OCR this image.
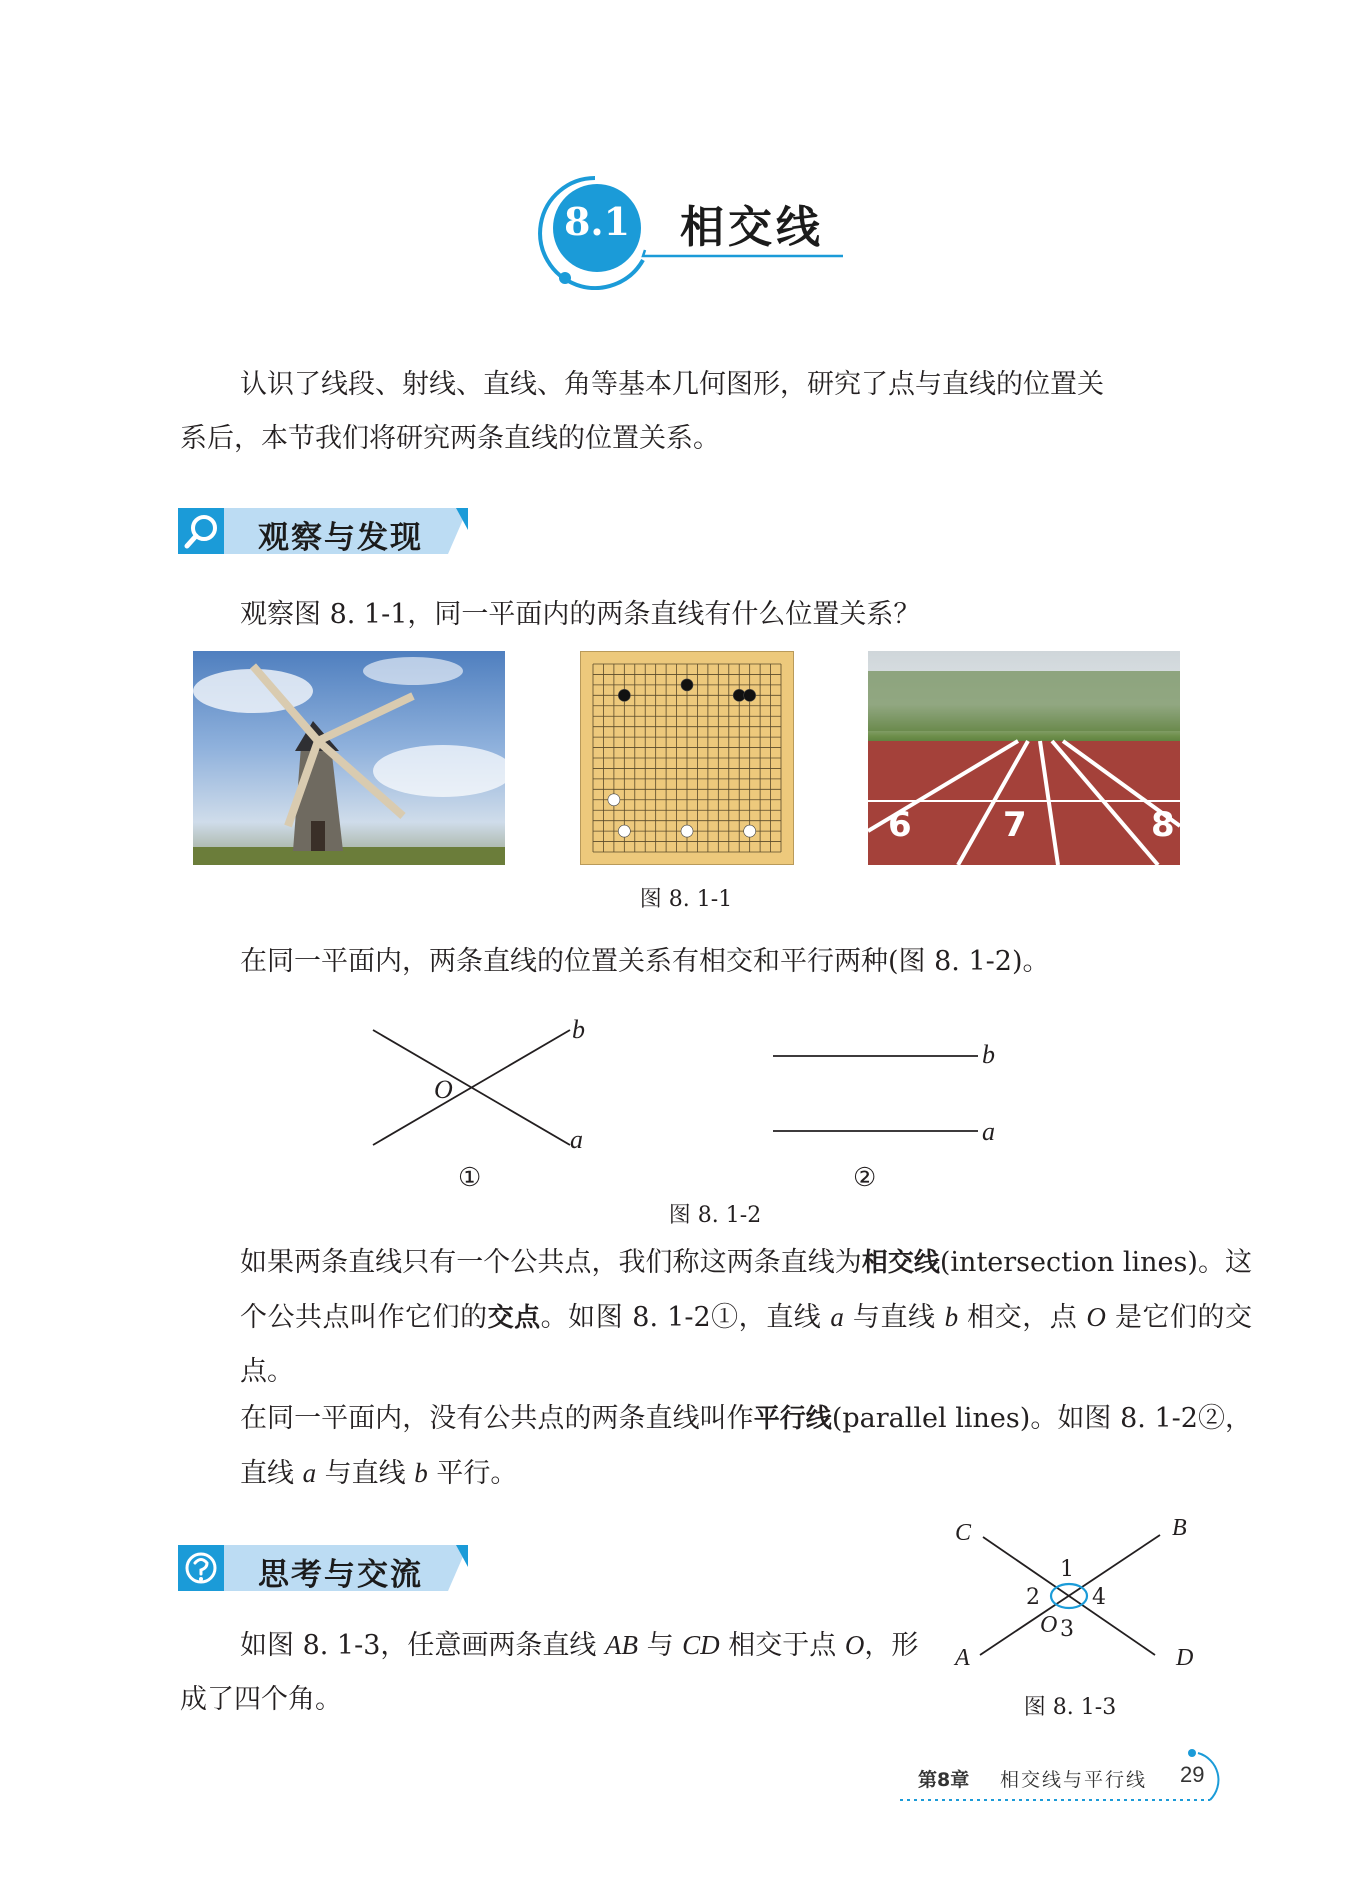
8.1 相交线
认识了线段、射线、直线、角等基本几何图形，研究了点与直线的位置关
系后，本节我们将研究两条直线的位置关系。
观察与发现
观察图 8. 1-1，同一平面内的两条直线有什么位置关系？
6	7	8
图 8. 1-1
在同一平面内，两条直线的位置关系有相交和平行两种(图 8. 1-2)。
O
b
a
①
b
a
②
图 8. 1-2
如果两条直线只有一个公共点，我们称这两条直线为相交线(intersection lines)。这个公共点叫作它们的交点。如图 8. 1-2①，直线 a 与直线 b 相交，点 O 是它们的交点。
在同一平面内，没有公共点的两条直线叫作平行线(parallel lines)。如图 8. 1-2②，直线 a 与直线 b 平行。
思考与交流
如图 8. 1-3，任意画两条直线 AB 与 CD 相交于点 O，形成了四个角。
C	B
A	D
O
1
2
3
4
图 8. 1-3
第8章 相交线与平行线 29
